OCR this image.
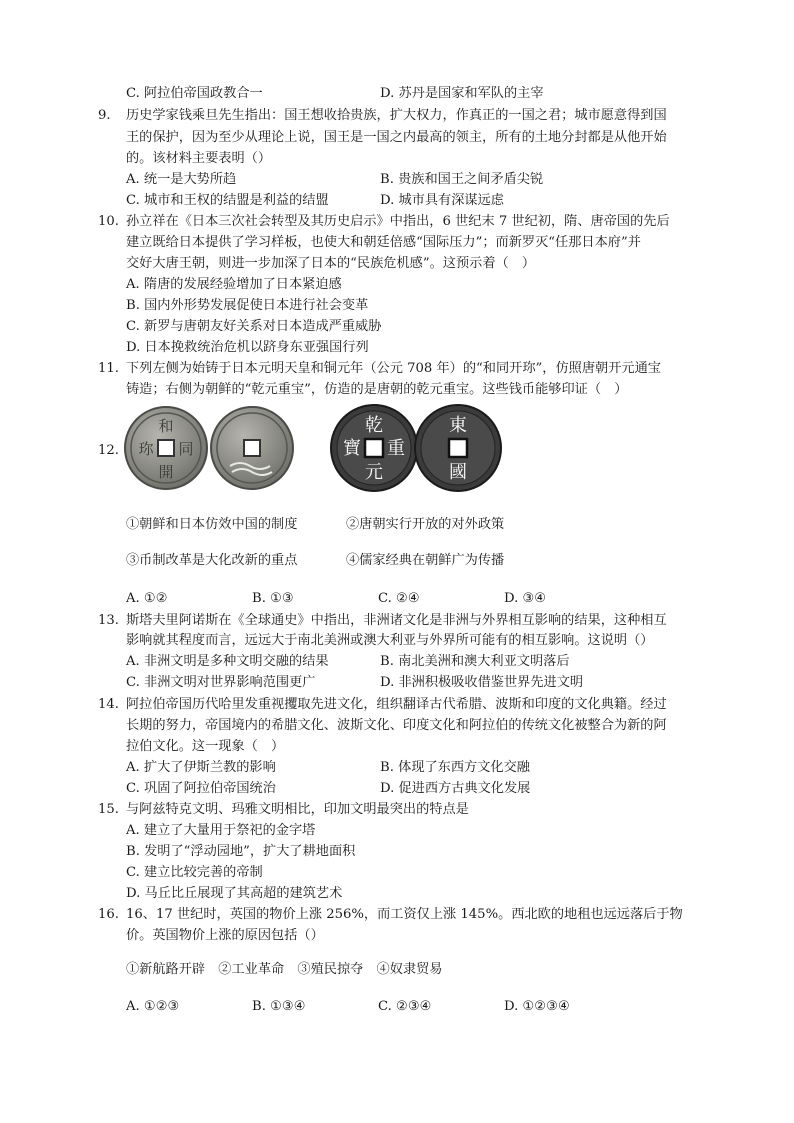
C. 阿拉伯帝国政教合一	D. 苏丹是国家和军队的主宰
9. 历史学家钱乘旦先生指出：国王想收拾贵族，扩大权力，作真正的一国之君；城市愿意得到国
王的保护，因为至少从理论上说，国王是一国之内最高的领主，所有的土地分封都是从他开始
的。该材料主要表明（）
A. 统一是大势所趋	B. 贵族和国王之间矛盾尖锐
C. 城市和王权的结盟是利益的结盟	D. 城市具有深谋远虑
10. 孙立祥在《日本三次社会转型及其历史启示》中指出，6 世纪末 7 世纪初，隋、唐帝国的先后
建立既给日本提供了学习样板，也使大和朝廷倍感“国际压力”；而新罗灭“任那日本府”并
交好大唐王朝，则进一步加深了日本的“民族危机感”。这预示着（　）
A. 隋唐的发展经验增加了日本紧迫感
B. 国内外形势发展促使日本进行社会变革
C. 新罗与唐朝友好关系对日本造成严重威胁
D. 日本挽救统治危机以跻身东亚强国行列
11. 下列左侧为始铸于日本元明天皇和铜元年（公元 708 年）的“和同开珎”，仿照唐朝开元通宝
铸造；右侧为朝鲜的“乾元重宝”，仿造的是唐朝的乾元重宝。这些钱币能够印证（　）
12.
和
同
開
珎
乾
重
元
寶
東
國
①朝鲜和日本仿效中国的制度	②唐朝实行开放的对外政策
③币制改革是大化改新的重点	④儒家经典在朝鲜广为传播
A. ①②	B. ①③	C. ②④	D. ③④
13. 斯塔夫里阿诺斯在《全球通史》中指出，非洲诸文化是非洲与外界相互影响的结果，这种相互
影响就其程度而言，远远大于南北美洲或澳大利亚与外界所可能有的相互影响。这说明（）
A. 非洲文明是多种文明交融的结果	B. 南北美洲和澳大利亚文明落后
C. 非洲文明对世界影响范围更广	D. 非洲积极吸收借鉴世界先进文明
14. 阿拉伯帝国历代哈里发重视攫取先进文化，组织翻译古代希腊、波斯和印度的文化典籍。经过
长期的努力，帝国境内的希腊文化、波斯文化、印度文化和阿拉伯的传统文化被整合为新的阿
拉伯文化。这一现象（　）
A. 扩大了伊斯兰教的影响	B. 体现了东西方文化交融
C. 巩固了阿拉伯帝国统治	D. 促进西方古典文化发展
15. 与阿兹特克文明、玛雅文明相比，印加文明最突出的特点是
A. 建立了大量用于祭祀的金字塔
B. 发明了“浮动园地”，扩大了耕地面积
C. 建立比较完善的帝制
D. 马丘比丘展现了其高超的建筑艺术
16. 16、17 世纪时，英国的物价上涨 256%，而工资仅上涨 145%。西北欧的地租也远远落后于物
价。英国物价上涨的原因包括（）
①新航路开辟　②工业革命　③殖民掠夺　④奴隶贸易
A. ①②③	B. ①③④	C. ②③④	D. ①②③④
